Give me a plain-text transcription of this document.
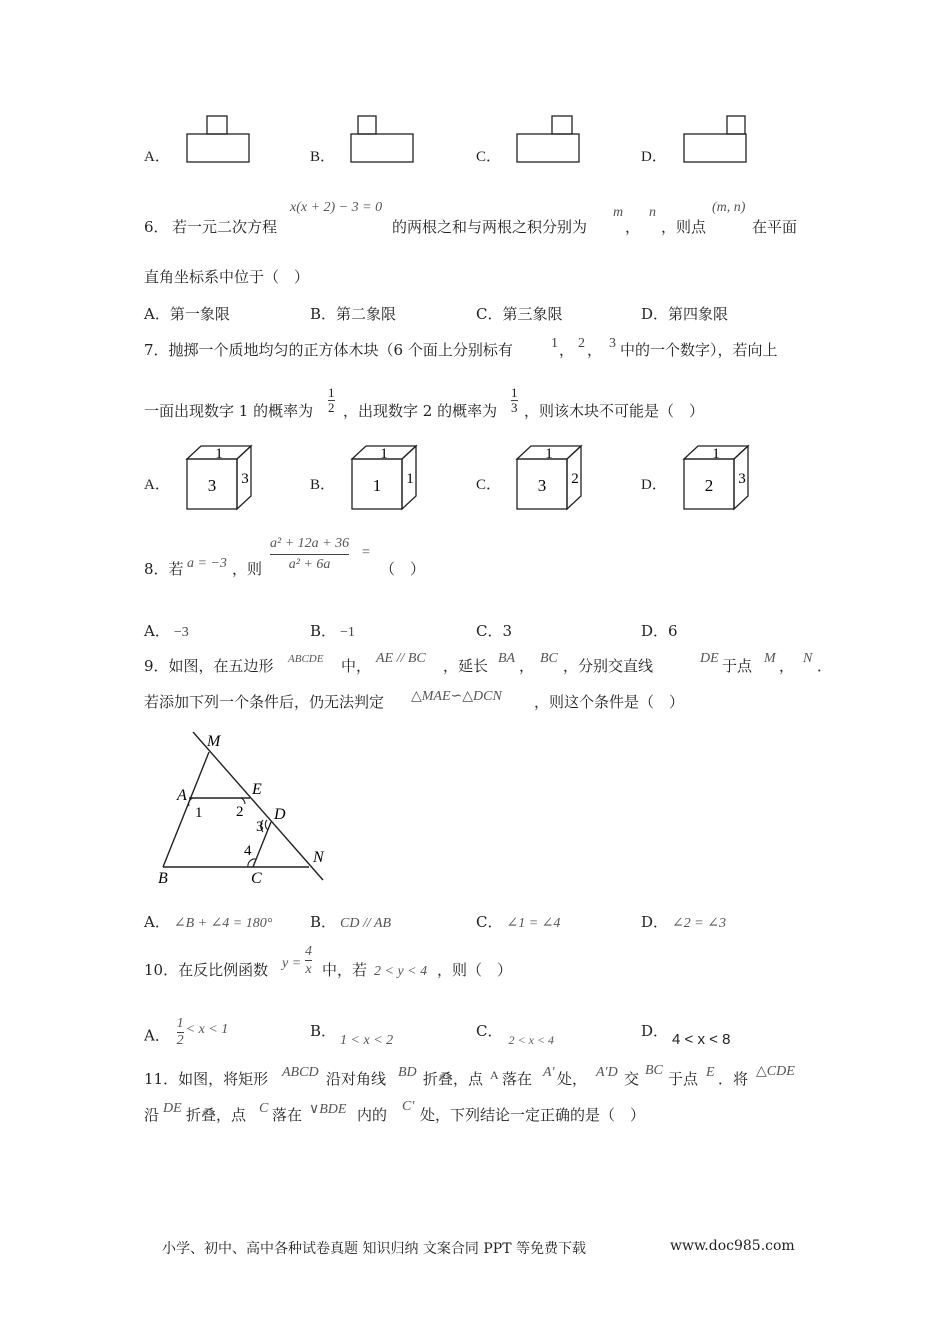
A．	B．	C．	D．
6． 若一元二次方程
x(x + 2) − 3 = 0
的两根之和与两根之积分别为
m
，
n
，则点
(m, n)
在平面
直角坐标系中位于（　）
A．第一象限	B．第二象限	C．第三象限	D．第四象限
7．抛掷一个质地均匀的正方体木块（6 个面上分别标有	1 ， 2 ， 3 中的一个数字），若向上
一面出现数字 1 的概率为
1
2 ，出现数字 2 的概率为
1
3 ，则该木块不可能是（　）
A．	B．	C．	D．
1
3 3
1
1 1
1
3 2
1
2 3
8．若 a = −3 ，则
a² + 12a + 36
a² + 6a
=
（　）
A． −3	B． −1	C．3	D．6
9．如图，在五边形 ABCDE 中， AE // BC ，延长 BA ， BC ，分别交直线	DE 于点 M ， N ．
若添加下列一个条件后，仍无法判定 △MAE∽△DCN ，则这个条件是（　）
M
A	E
D
B	C
N
1 2
3
4
A． ∠B + ∠4 = 180°	B． CD // AB	C． ∠1 = ∠4	D． ∠2 = ∠3
10．在反比例函数 y =
4
x 中，若 2 < y < 4 ，则（　）
A． $\frac{1}{2} < x < 1$	B．1 < x < 2
C． $_{2 < x < 4}$	D． 4 < x < 8
11．如图，将矩形 ABCD 沿对角线 BD 折叠，点 A 落在 A′ 处， A′D 交 BC 于点 E ．将 △CDE
沿 DE 折叠，点 C 落在 ∨BDE 内的 C′ 处，下列结论一定正确的是（　）
小学、初中、高中各种试卷真题 知识归纳 文案合同 PPT 等免费下载	www.doc985.com
